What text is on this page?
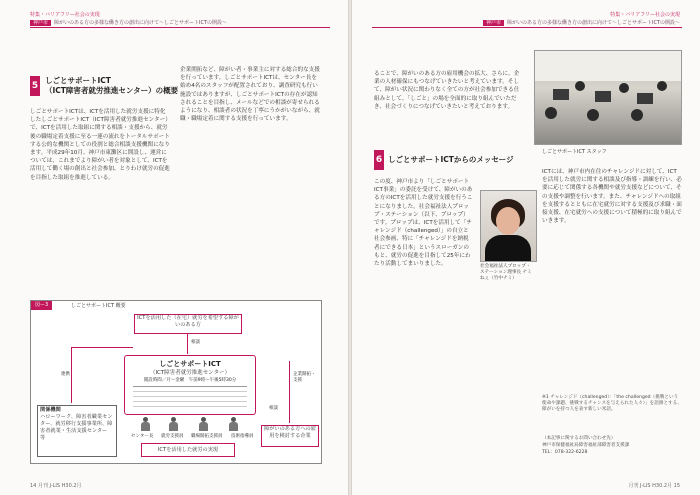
特集・バリアフリー社会の実現
神戸市 障がいのある方の多様な働き方の創出に向けて〜しごとサポートICTの開設〜
5
しごとサポートICT
（ICT障害者就労推進センター）の概要
しごとサポートICTは、ICTを活用した就労支援に特化したしごとサポートICT（ICT障害者就労推進センター）で、ICTを活用した取組に関する相談・支援から、就労後の職場定着支援に至る一連の流れをトータルサポートする公的な機関としての役割と総合相談支援機関になります。平成29年10月、神戸市東灘区に開設し、運営については、これまでより障がい者を対象として、ICTを活用して働く場の創出と社会参加、とりわけ就労の促進を目指した取組を推進している。
企業開拓など、障がい者・事業主に対する総合的な支援を行っています。しごとサポートICTは、センター長を始め4名のスタッフが配置されており、調査研究も行い施設ではありますが、しごとサポートICTの存在が認知されることを目指し、メールなどでの相談が寄せられるようになり、相談者の状況を丁寧にうかがいながら、就職・職場定着に関する支援を行っています。
図ー3	しごとサポートICT 概要
ICTを活用した（在宅）就労を希望する障がいのある方
相談
しごとサポートICT
（ICT障害者就労推進センター）
開設時間／月〜金曜　午前9時〜午後5時30分
センター長 就労支援員 職場開拓支援員 技術指導員
関係機関
ハローワーク、障害者職業センター、就労移行支援事業所、障害者就業・生活支援センター 等
連携
障がいのある方への雇用を検討する企業
企業開拓・支援
相談
ICTを活用した就労の実現
14 月刊 J-LIS H30.2月
特集・バリアフリー社会の実現
神戸市 障がいのある方の多様な働き方の創出に向けて〜しごとサポートICTの開設〜
ることで、障がいのある方の雇用機会の拡大、さらに、企業の人材確保にもつなげていきたいと考えています。そして、障がい状況に関わりなく全ての方が社会参加できる仕組みとして、「しごと」の場を全面的に取り組んでいただき、社会づくりにつなげていきたいと考えております。
しごとサポートICT スタッフ
6 しごとサポートICTからのメッセージ
この度、神戸市より「しごとサポートICT事業」の委託を受けて、障がいのある方のICTを活用した就労支援を行うことになりました。社会福祉法人プロップ・ステーション（以下、プロップ）です。プロップは、ICTを活用して「チャレンジド（challenged）」の自立と社会参画、特に「チャレンジドを納税者にできる日本」というスローガンのもと、就労の促進を目指して25年にわたり活動してまいりました。	社会福祉法人プロップ・ステーション理事長 ナミねぇ（竹中ナミ）
ICTには、神戸市内在住のチャレンジドに対して、ICTを活用した就労に関する相談及び指導・訓練を行い、必要に応じて関係する各機関や就労支援などについて、その支援や調整を行います。また、チャレンジドへの取組を支援するとともに在宅就労に対する支援及び求職・面接支援、在宅就労への支援について積極的に取り組んでいきます。
※1 チャレンジド（challenged）：「the challenged（挑戦という使命や課題、挑戦するチャンスを与えられた人々）」を語源とする、障がいを持つ人を表す新しい米語。
（本記事に関するお問い合わせ先）
神戸市保健福祉局障害福祉部障害者支援課
TEL：078-322-6228
月刊 J-LIS H30.2月 15
